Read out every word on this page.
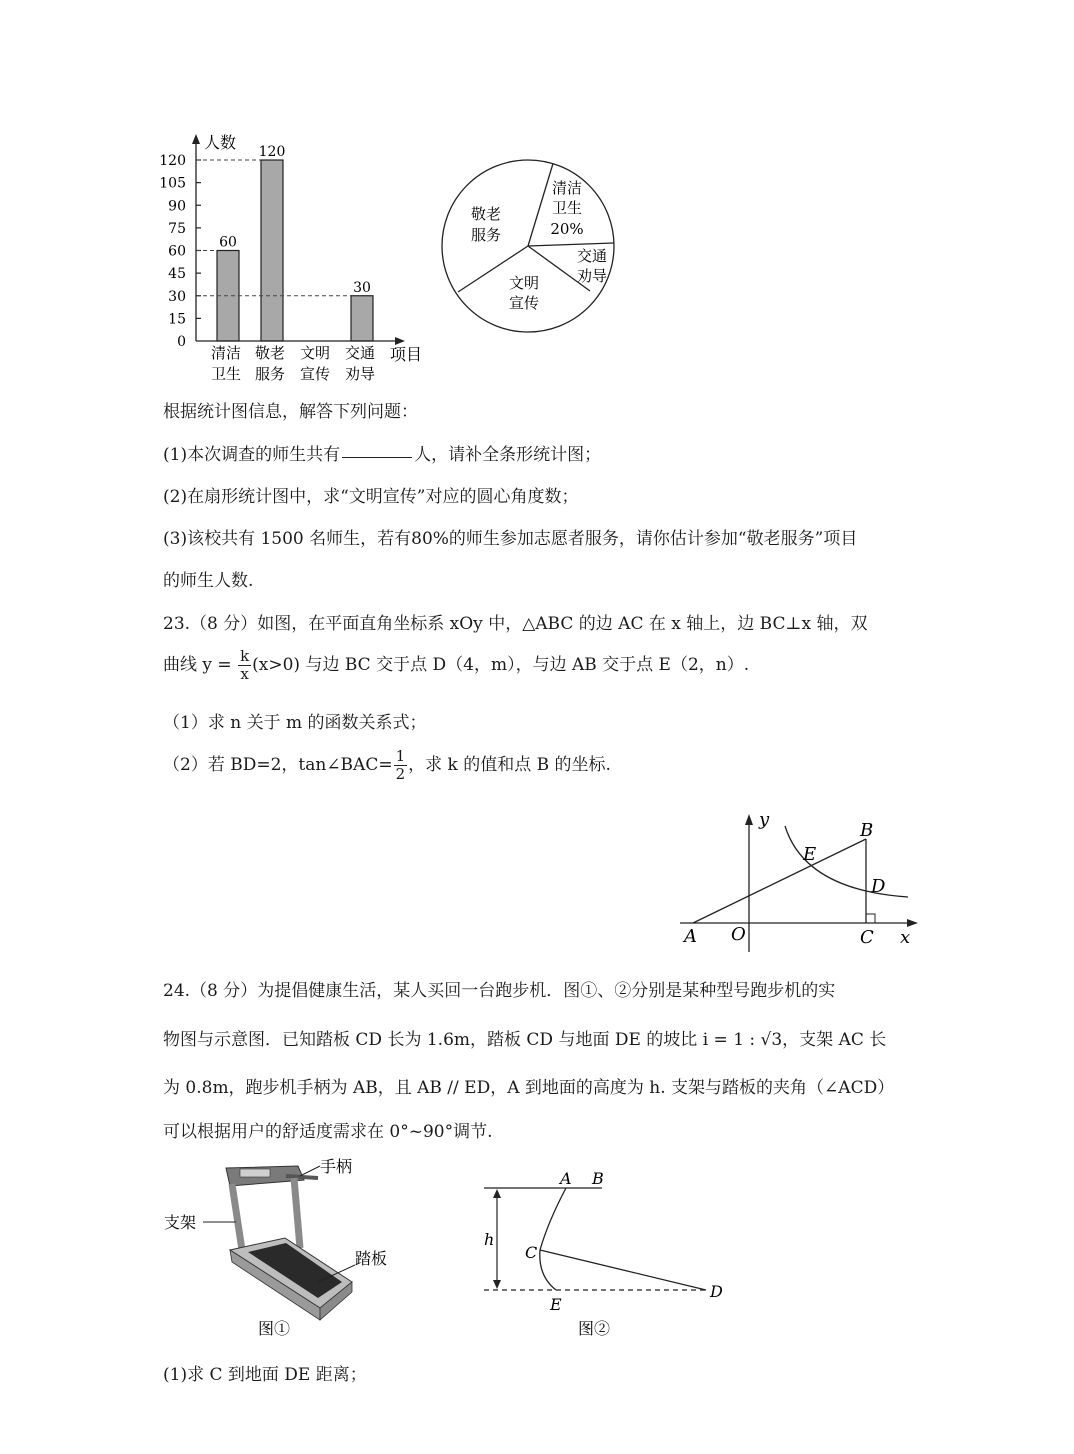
0
15
30
45
60
75
90
105
120
60
清洁
卫生
120
敬老
服务
文明
宣传
30
交通
劝导
人数
项目
清洁
卫生
20%
交通
劝导
文明
宣传
敬老
服务
根据统计图信息，解答下列问题：
(1)本次调查的师生共有	人，请补全条形统计图；
(2)在扇形统计图中，求“文明宣传”对应的圆心角度数；
(3)该校共有 1500 名师生，若有80%的师生参加志愿者服务，请你估计参加“敬老服务”项目
的师生人数.
23.（8 分）如图，在平面直角坐标系 xOy 中，△ABC 的边 AC 在 x 轴上，边 BC⊥x 轴，双
曲线 $y = \frac{k}{x} (x>0)$ 与边 BC 交于点 D（4，m），与边 AB 交于点 E（2，n）.
（1）求 n 关于 m 的函数关系式；
（2）若 BD=2，tan∠BAC= $\frac{1}{2}$ ，求 k 的值和点 B 的坐标.
y
x
A O	C
B
E
D
24.（8 分）为提倡健康生活，某人买回一台跑步机．图①、②分别是某种型号跑步机的实
物图与示意图．已知踏板 CD 长为 1.6m，踏板 CD 与地面 DE 的坡比 i = 1 : √3，支架 AC 长
为 0.8m，跑步机手柄为 AB，且 AB // ED，A 到地面的高度为 h. 支架与踏板的夹角（∠ACD）
可以根据用户的舒适度需求在 0°~90°调节.
手柄
支架
踏板
图①
A B
C
E
D
h
图②
(1)求 C 到地面 DE 距离；
